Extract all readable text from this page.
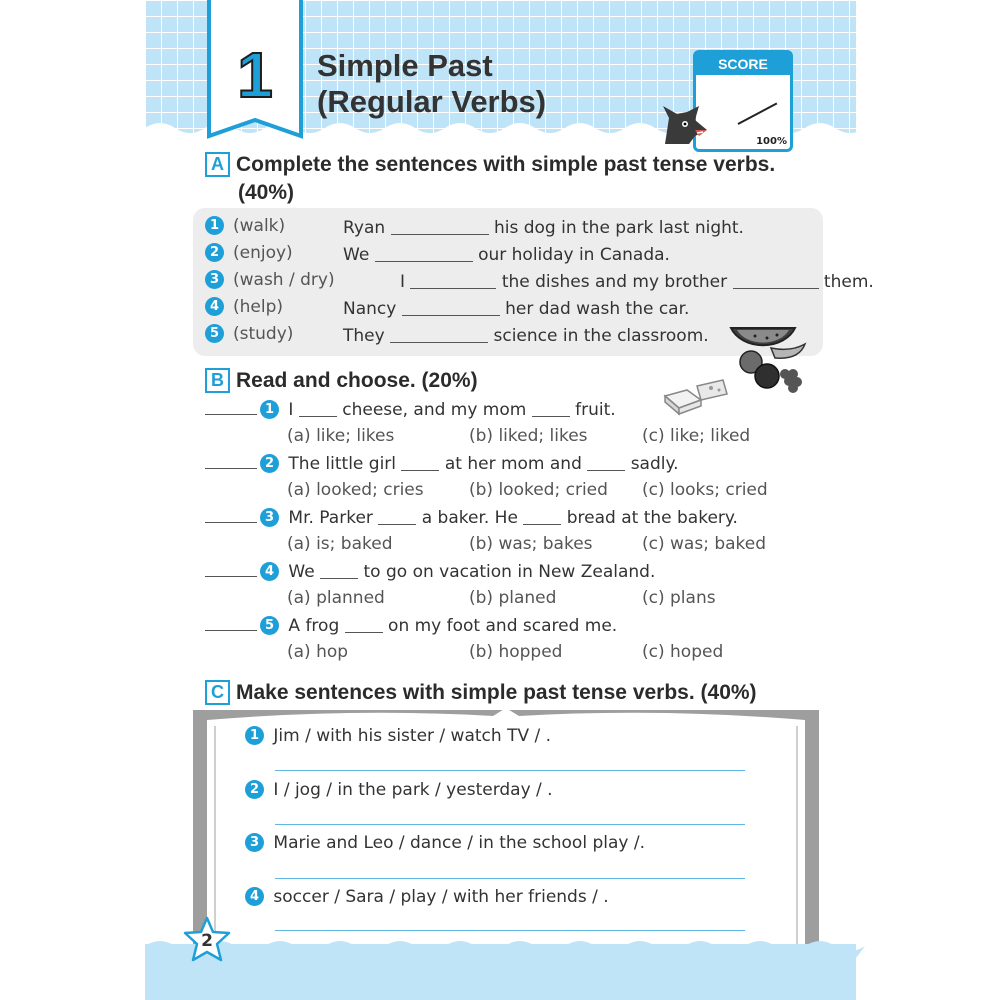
1	Simple Past
(Regular Verbs)
SCORE
100%
A Complete the sentences with simple past tense verbs.
(40%)
1 (walk)	Ryan	his dog in the park last night.
2 (enjoy)	We	our holiday in Canada.
3 (wash / dry)	I	the dishes and my brother	them.
4 (help)	Nancy	her dad wash the car.
5 (study)	They	science in the classroom.
B Read and choose. (20%)
1 I	cheese, and my mom	fruit.
(a) like; likes	(b) liked; likes	(c) like; liked
2 The little girl	at her mom and	sadly.
(a) looked; cries	(b) looked; cried (c) looks; cried
3 Mr. Parker	a baker. He	bread at the bakery.
(a) is; baked	(b) was; bakes	(c) was; baked
4 We	to go on vacation in New Zealand.
(a) planned	(b) planed	(c) plans
5 A frog	on my foot and scared me.
(a) hop	(b) hopped	(c) hoped
C Make sentences with simple past tense verbs. (40%)
1 Jim / with his sister / watch TV / .
2 I / jog / in the park / yesterday / .
3 Marie and Leo / dance / in the school play /.
4 soccer / Sara / play / with her friends / .
2
